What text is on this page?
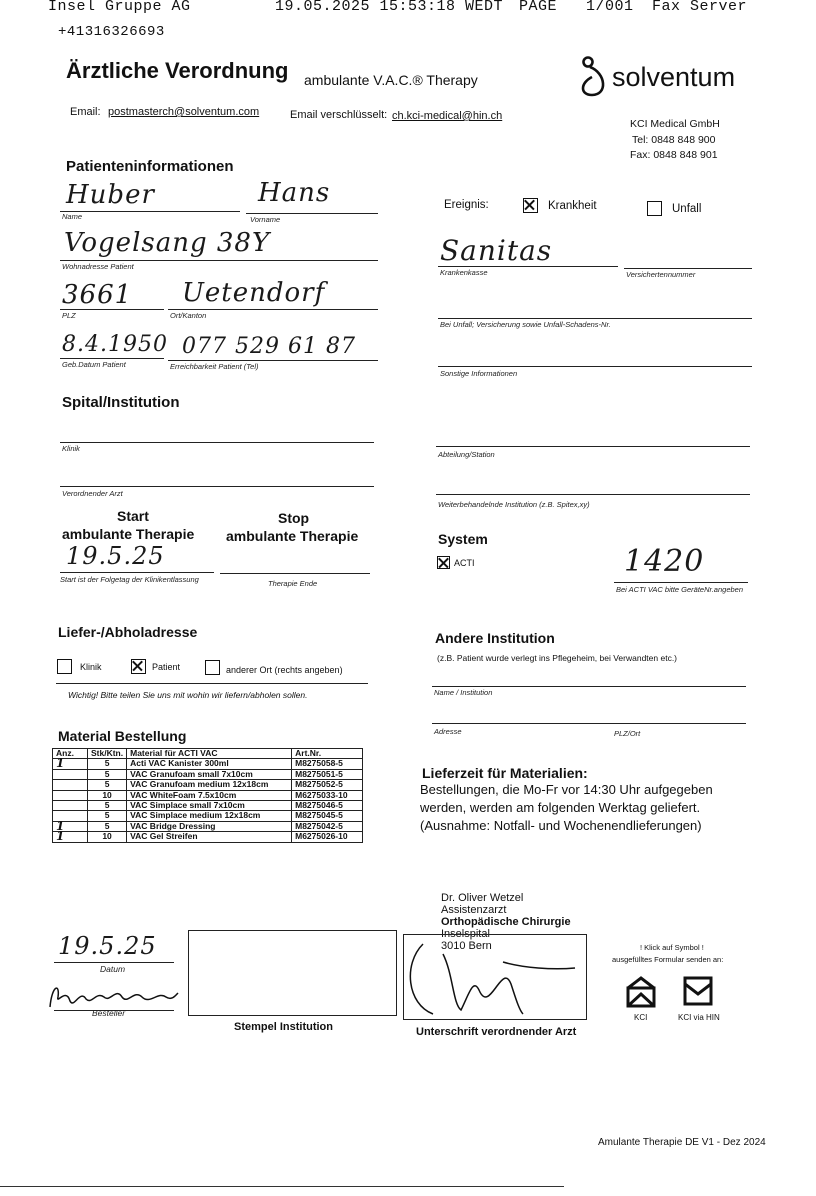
Insel Gruppe AG	19.05.2025 15:53:18 WEDT PAGE 1/001 Fax Server
+41316326693
Ärztliche Verordnung ambulante V.A.C.® Therapy	solventum
Email: postmasterch@solventum.com	Email verschlüsselt: ch.kci-medical@hin.ch
KCI Medical GmbH
Tel: 0848 848 900
Fax: 0848 848 901
Patienteninformationen
Huber	Hans
Name	Vorname
Vogelsang 38Y
Wohnadresse Patient
3661 Uetendorf
PLZ	Ort/Kanton
8.4.1950 077 529 61 87
Geb.Datum Patient	Erreichbarkeit Patient (Tel)
Ereignis:	Krankheit	Unfall
Sanitas
Krankenkasse	Versichertennummer
Bei Unfall; Versicherung sowie Unfall-Schadens-Nr.
Sonstige Informationen
Spital/Institution
Klinik
Verordnender Arzt
Abteilung/Station
Weiterbehandelnde Institution (z.B. Spitex,xy)
Start
ambulante Therapie
Stop
ambulante Therapie
19.5.25
Start ist der Folgetag der Klinikentlassung	Therapie Ende
System
ACTI	1420
Bei ACTI VAC bitte GeräteNr.angeben
Liefer-/Abholadresse
Klinik	Patient	anderer Ort (rechts angeben)
Wichtig! Bitte teilen Sie uns mit wohin wir liefern/abholen sollen.
Andere Institution
(z.B. Patient wurde verlegt ins Pflegeheim, bei Verwandten etc.)
Name / Institution
Adresse	PLZ/Ort
Material Bestellung
Anz.	Stk/Ktn.	Material für ACTI VAC	Art.Nr.
1	5	Acti VAC Kanister 300ml	M8275058-5
	5	VAC Granufoam small 7x10cm	M8275051-5
	5	VAC Granufoam medium 12x18cm	M8275052-5
	10	VAC WhiteFoam 7.5x10cm	M6275033-10
	5	VAC Simplace small 7x10cm	M8275046-5
	5	VAC Simplace medium 12x18cm	M8275045-5
1	5	VAC Bridge Dressing	M8275042-5
1	10	VAC Gel Streifen	M6275026-10
Lieferzeit für Materialien:
Bestellungen, die Mo-Fr vor 14:30 Uhr aufgegeben
werden, werden am folgenden Werktag geliefert.
(Ausnahme: Notfall- und Wochenendlieferungen)
19.5.25
Datum
Besteller
Stempel Institution
Dr. Oliver Wetzel
Assistenzarzt
Orthopädische Chirurgie
Inselspital
3010 Bern
Unterschrift verordnender Arzt
! Klick auf Symbol !
ausgefülltes Formular senden an:
KCI	KCI via HIN
Amulante Therapie DE V1 - Dez 2024
